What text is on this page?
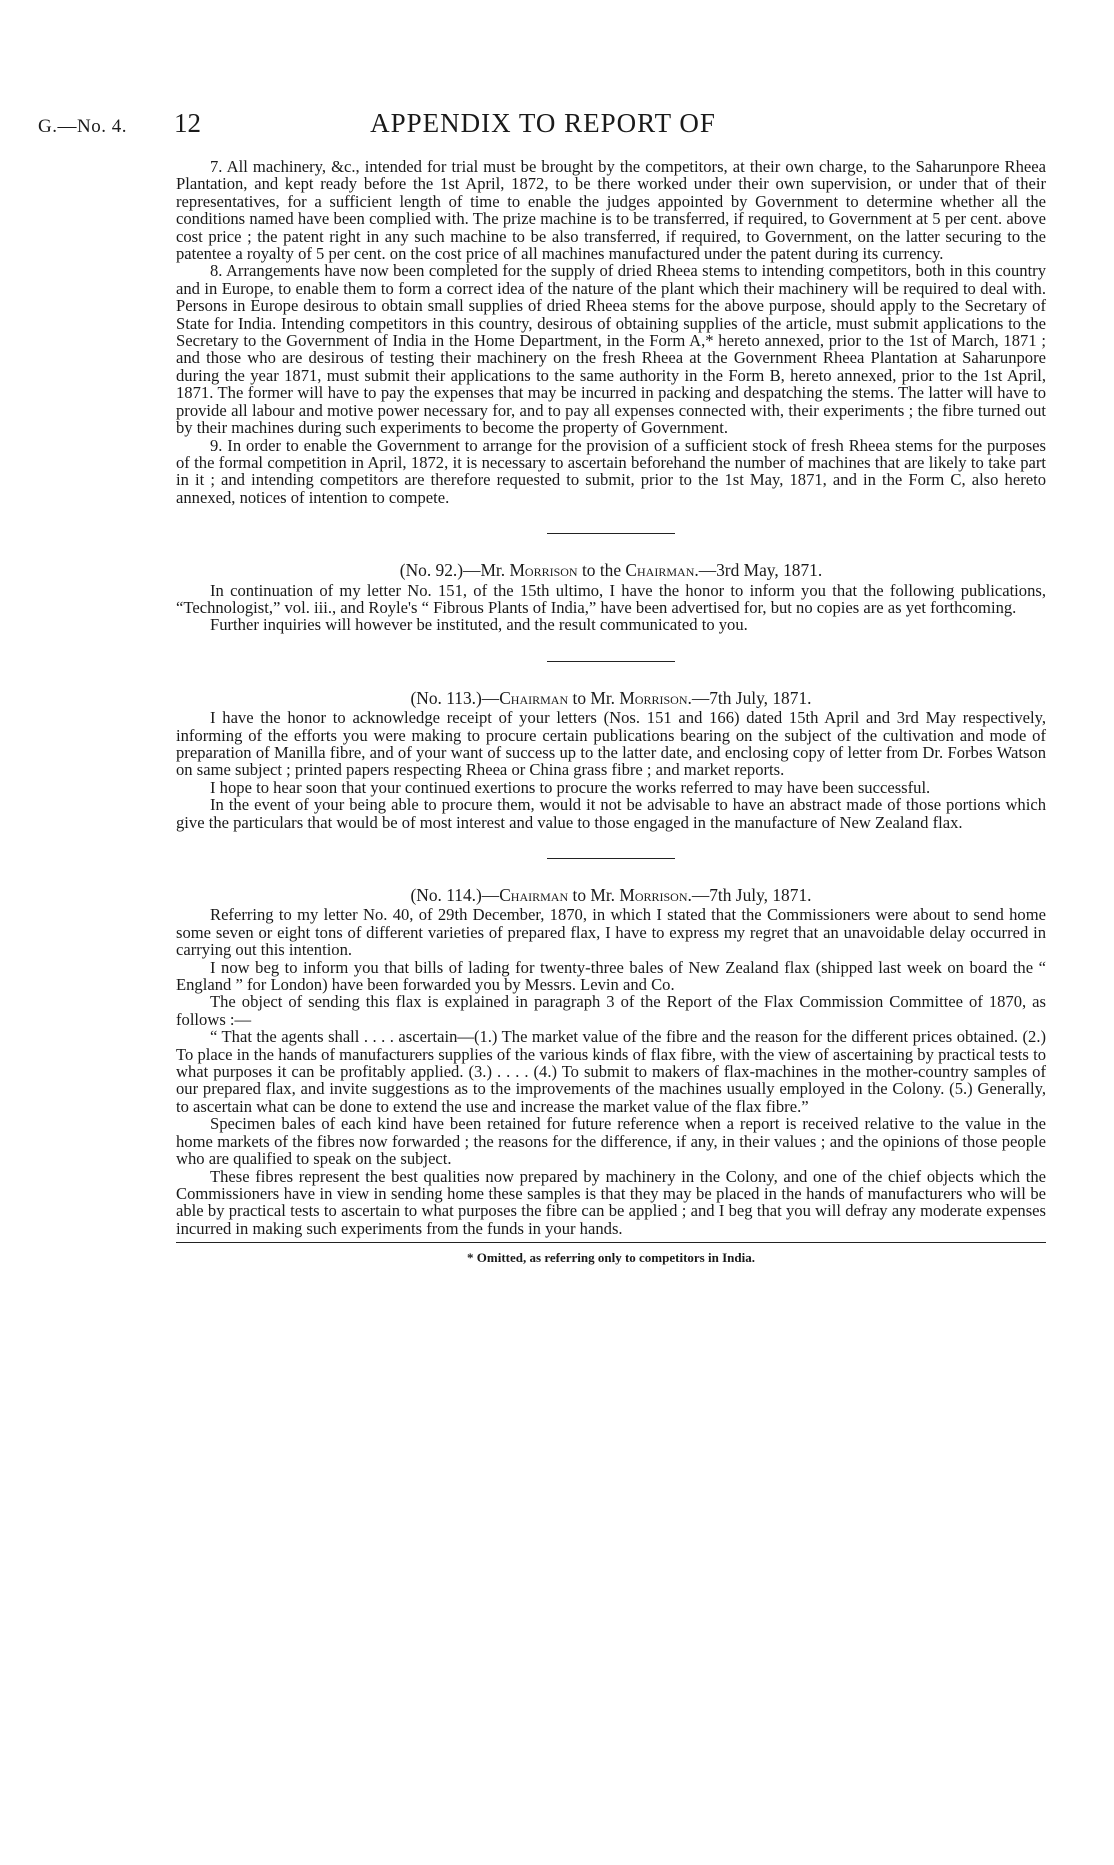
G.—No. 4. 12	APPENDIX TO REPORT OF

7. All machinery, &c., intended for trial must be brought by the competitors, at their own charge, to the Saharunpore Rheea Plantation, and kept ready before the 1st April, 1872, to be there worked under their own supervision, or under that of their representatives, for a sufficient length of time to enable the judges appointed by Government to determine whether all the conditions named have been complied with. The prize machine is to be transferred, if required, to Government at 5 per cent. above cost price ; the patent right in any such machine to be also transferred, if required, to Government, on the latter securing to the patentee a royalty of 5 per cent. on the cost price of all machines manufactured under the patent during its currency.

8. Arrangements have now been completed for the supply of dried Rheea stems to intending competitors, both in this country and in Europe, to enable them to form a correct idea of the nature of the plant which their machinery will be required to deal with. Persons in Europe desirous to obtain small supplies of dried Rheea stems for the above purpose, should apply to the Secretary of State for India. Intending competitors in this country, desirous of obtaining supplies of the article, must submit applications to the Secretary to the Government of India in the Home Department, in the Form A,* hereto annexed, prior to the 1st of March, 1871 ; and those who are desirous of testing their machinery on the fresh Rheea at the Government Rheea Plantation at Saharunpore during the year 1871, must submit their applications to the same authority in the Form B, hereto annexed, prior to the 1st April, 1871. The former will have to pay the expenses that may be incurred in packing and despatching the stems. The latter will have to provide all labour and motive power necessary for, and to pay all expenses connected with, their experiments ; the fibre turned out by their machines during such experiments to become the property of Government.

9. In order to enable the Government to arrange for the provision of a sufficient stock of fresh Rheea stems for the purposes of the formal competition in April, 1872, it is necessary to ascertain beforehand the number of machines that are likely to take part in it ; and intending competitors are therefore requested to submit, prior to the 1st May, 1871, and in the Form C, also hereto annexed, notices of intention to compete.

(No. 92.)—Mr. Morrison to the Chairman.—3rd May, 1871.

In continuation of my letter No. 151, of the 15th ultimo, I have the honor to inform you that the following publications, “Technologist,” vol. iii., and Royle's “ Fibrous Plants of India,” have been advertised for, but no copies are as yet forthcoming.

Further inquiries will however be instituted, and the result communicated to you.

(No. 113.)—Chairman to Mr. Morrison.—7th July, 1871.

I have the honor to acknowledge receipt of your letters (Nos. 151 and 166) dated 15th April and 3rd May respectively, informing of the efforts you were making to procure certain publications bearing on the subject of the cultivation and mode of preparation of Manilla fibre, and of your want of success up to the latter date, and enclosing copy of letter from Dr. Forbes Watson on same subject ; printed papers respecting Rheea or China grass fibre ; and market reports.

I hope to hear soon that your continued exertions to procure the works referred to may have been successful.

In the event of your being able to procure them, would it not be advisable to have an abstract made of those portions which give the particulars that would be of most interest and value to those engaged in the manufacture of New Zealand flax.

(No. 114.)—Chairman to Mr. Morrison.—7th July, 1871.

Referring to my letter No. 40, of 29th December, 1870, in which I stated that the Commissioners were about to send home some seven or eight tons of different varieties of prepared flax, I have to express my regret that an unavoidable delay occurred in carrying out this intention.

I now beg to inform you that bills of lading for twenty-three bales of New Zealand flax (shipped last week on board the “ England ” for London) have been forwarded you by Messrs. Levin and Co.

The object of sending this flax is explained in paragraph 3 of the Report of the Flax Commission Committee of 1870, as follows :—

“ That the agents shall . . . . ascertain—(1.) The market value of the fibre and the reason for the different prices obtained. (2.) To place in the hands of manufacturers supplies of the various kinds of flax fibre, with the view of ascertaining by practical tests to what purposes it can be profitably applied. (3.) . . . . (4.) To submit to makers of flax-machines in the mother-country samples of our prepared flax, and invite suggestions as to the improvements of the machines usually employed in the Colony. (5.) Generally, to ascertain what can be done to extend the use and increase the market value of the flax fibre.”

Specimen bales of each kind have been retained for future reference when a report is received relative to the value in the home markets of the fibres now forwarded ; the reasons for the difference, if any, in their values ; and the opinions of those people who are qualified to speak on the subject.

These fibres represent the best qualities now prepared by machinery in the Colony, and one of the chief objects which the Commissioners have in view in sending home these samples is that they may be placed in the hands of manufacturers who will be able by practical tests to ascertain to what purposes the fibre can be applied ; and I beg that you will defray any moderate expenses incurred in making such experiments from the funds in your hands.

* Omitted, as referring only to competitors in India.
